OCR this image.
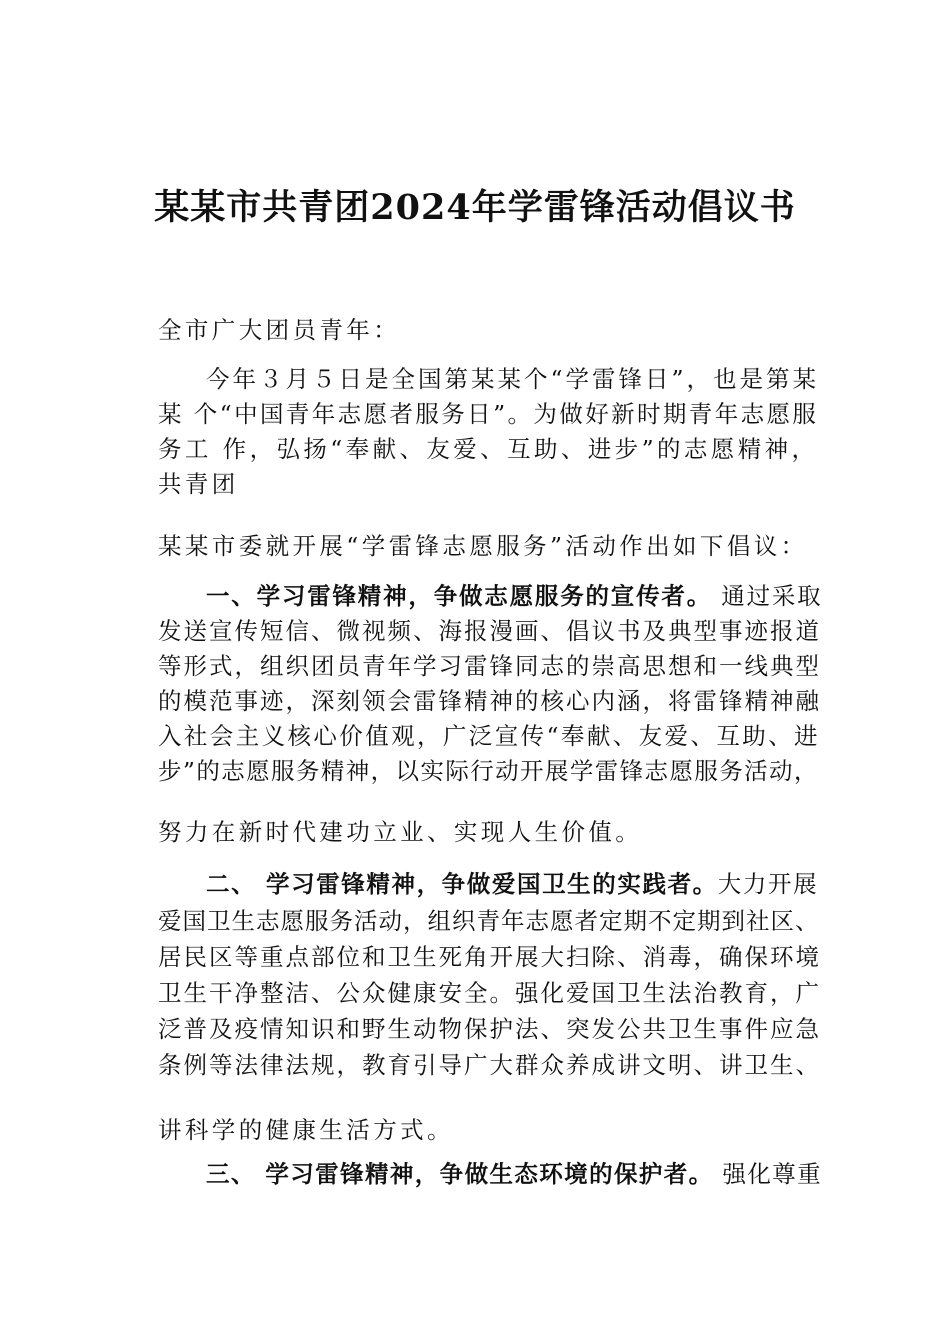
某某市共青团2024年学雷锋活动倡议书
全市广大团员青年：
今年３月５日是全国第某某个“学雷锋日”，也是第某
某 个“中国青年志愿者服务日”。为做好新时期青年志愿服
务工 作，弘扬“奉献、友爱、互助、进步”的志愿精神，
共青团
某某市委就开展“学雷锋志愿服务”活动作出如下倡议：
一、学习雷锋精神，争做志愿服务的宣传者。 通过采取
发送宣传短信、微视频、海报漫画、倡议书及典型事迹报道
等形式，组织团员青年学习雷锋同志的崇高思想和一线典型
的模范事迹，深刻领会雷锋精神的核心内涵，将雷锋精神融
入社会主义核心价值观，广泛宣传“奉献、友爱、互助、进
步”的志愿服务精神，以实际行动开展学雷锋志愿服务活动，
努力在新时代建功立业、实现人生价值。
二、 学习雷锋精神，争做爱国卫生的实践者。大力开展
爱国卫生志愿服务活动，组织青年志愿者定期不定期到社区、
居民区等重点部位和卫生死角开展大扫除、消毒，确保环境
卫生干净整洁、公众健康安全。强化爱国卫生法治教育，广
泛普及疫情知识和野生动物保护法、突发公共卫生事件应急
条例等法律法规，教育引导广大群众养成讲文明、讲卫生、
讲科学的健康生活方式。
三、 学习雷锋精神，争做生态环境的保护者。 强化尊重
